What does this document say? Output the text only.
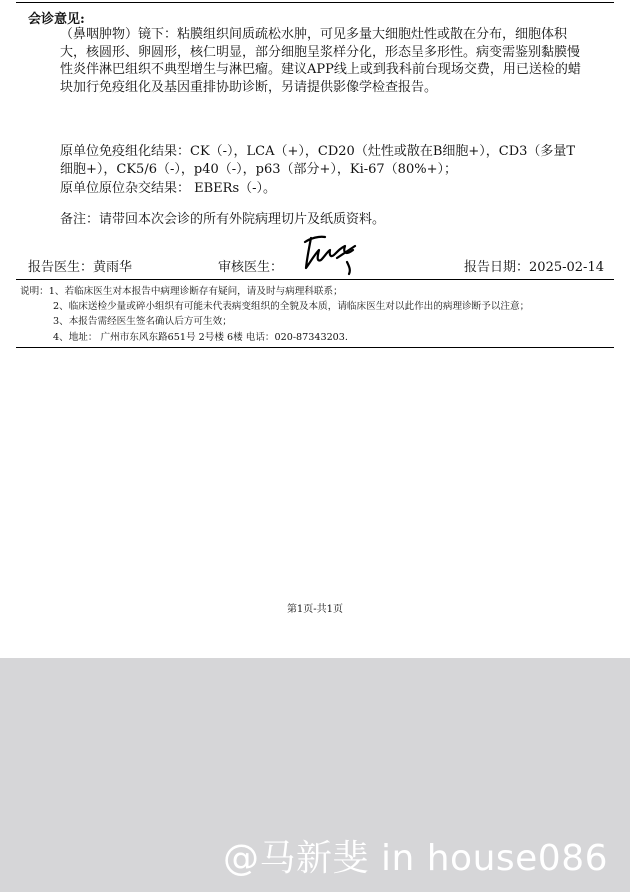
会诊意见:
（鼻咽肿物）镜下：粘膜组织间质疏松水肿，可见多量大细胞灶性或散在分布，细胞体积大，核圆形、卵圆形，核仁明显，部分细胞呈浆样分化，形态呈多形性。病变需鉴别黏膜慢性炎伴淋巴组织不典型增生与淋巴瘤。建议APP线上或到我科前台现场交费，用已送检的蜡块加行免疫组化及基因重排协助诊断，另请提供影像学检查报告。
原单位免疫组化结果：CK（-），LCA（+），CD20（灶性或散在B细胞+），CD3（多量T细胞+），CK5/6（-），p40（-），p63（部分+），Ki-67（80%+）；
原单位原位杂交结果： EBERs（-）。
备注：请带回本次会诊的所有外院病理切片及纸质资料。
报告医生：黄雨华	审核医生：	报告日期：2025-02-14
说明：1、若临床医生对本报告中病理诊断存有疑问，请及时与病理科联系；
2、临床送检少量或碎小组织有可能未代表病变组织的全貌及本质，请临床医生对以此作出的病理诊断予以注意；
3、本报告需经医生签名确认后方可生效；
4、地址： 广州市东风东路651号 2号楼 6楼 电话：020-87343203.
第1页-共1页
@马新斐 in house086
